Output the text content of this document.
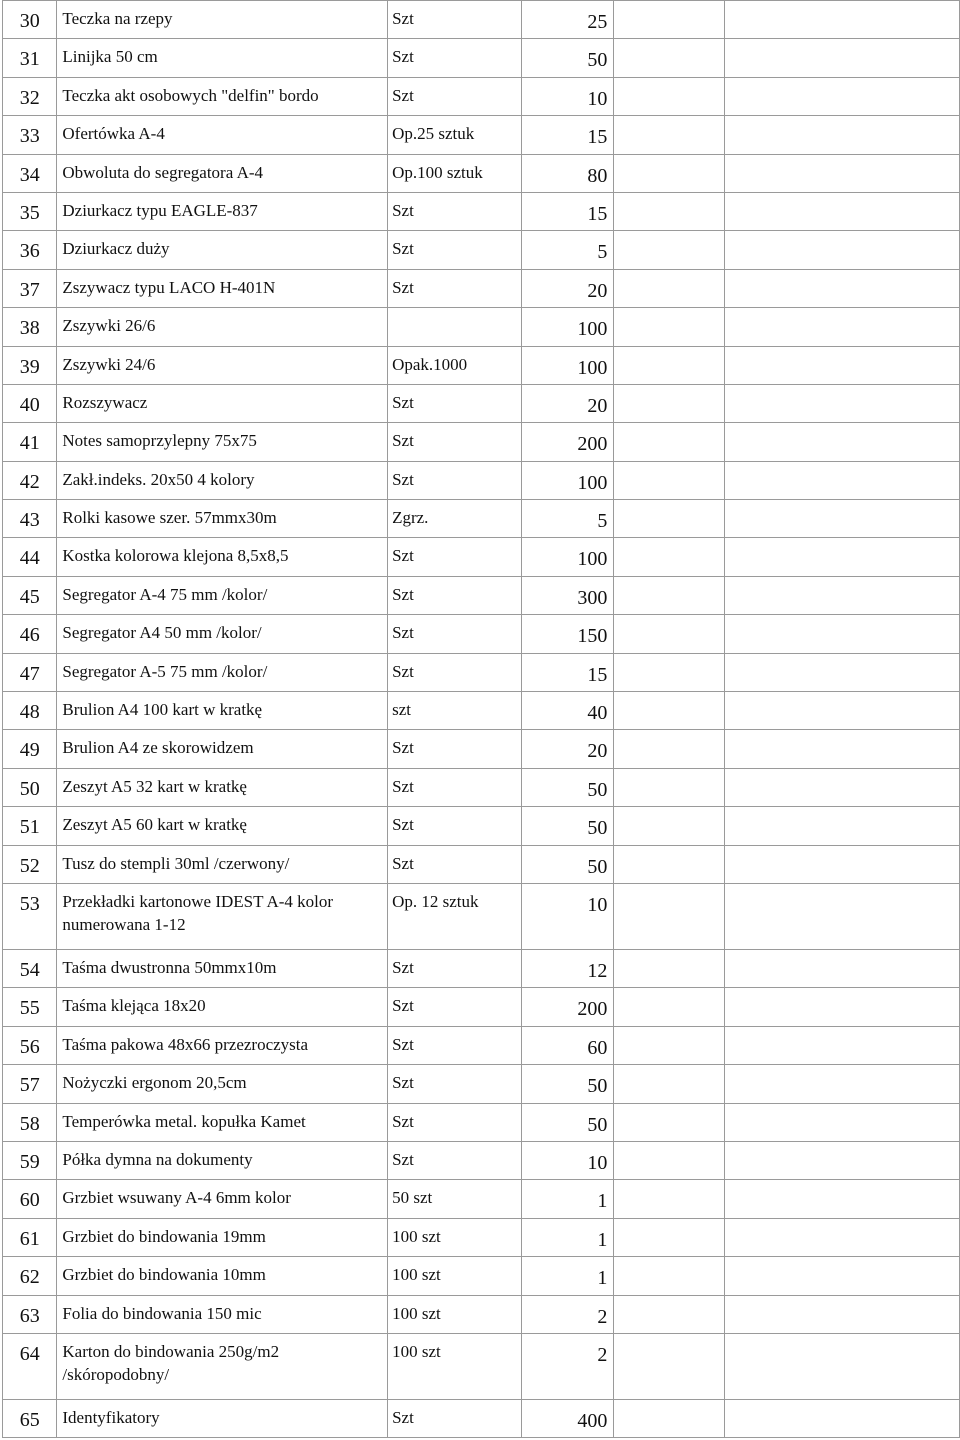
30	Teczka na rzepy	Szt	25		
31	Linijka 50 cm	Szt	50		
32	Teczka akt osobowych "delfin" bordo	Szt	10		
33	Ofertówka A-4	Op.25 sztuk	15		
34	Obwoluta do segregatora A-4	Op.100 sztuk	80		
35	Dziurkacz typu EAGLE-837	Szt	15		
36	Dziurkacz duży	Szt	5		
37	Zszywacz typu LACO H-401N	Szt	20		
38	Zszywki 26/6		100		
39	Zszywki 24/6	Opak.1000	100		
40	Rozszywacz	Szt	20		
41	Notes samoprzylepny 75x75	Szt	200		
42	Zakł.indeks. 20x50 4 kolory	Szt	100		
43	Rolki kasowe szer. 57mmx30m	Zgrz.	5		
44	Kostka kolorowa klejona 8,5x8,5	Szt	100		
45	Segregator A-4 75 mm /kolor/	Szt	300		
46	Segregator A4 50 mm /kolor/	Szt	150		
47	Segregator A-5 75 mm /kolor/	Szt	15		
48	Brulion A4 100 kart w kratkę	szt	40		
49	Brulion A4 ze skorowidzem	Szt	20		
50	Zeszyt A5 32 kart w kratkę	Szt	50		
51	Zeszyt A5 60 kart w kratkę	Szt	50		
52	Tusz do stempli 30ml /czerwony/	Szt	50		
53	Przekładki kartonowe IDEST A-4 kolor numerowana 1-12	Op. 12 sztuk	10		
54	Taśma dwustronna 50mmx10m	Szt	12		
55	Taśma klejąca 18x20	Szt	200		
56	Taśma pakowa 48x66 przezroczysta	Szt	60		
57	Nożyczki ergonom 20,5cm	Szt	50		
58	Temperówka metal. kopułka Kamet	Szt	50		
59	Półka dymna na dokumenty	Szt	10		
60	Grzbiet wsuwany A-4 6mm kolor	50 szt	1		
61	Grzbiet do bindowania 19mm	100 szt	1		
62	Grzbiet do bindowania 10mm	100 szt	1		
63	Folia do bindowania 150 mic	100 szt	2		
64	Karton do bindowania 250g/m2 /skóropodobny/	100 szt	2		
65	Identyfikatory	Szt	400		
